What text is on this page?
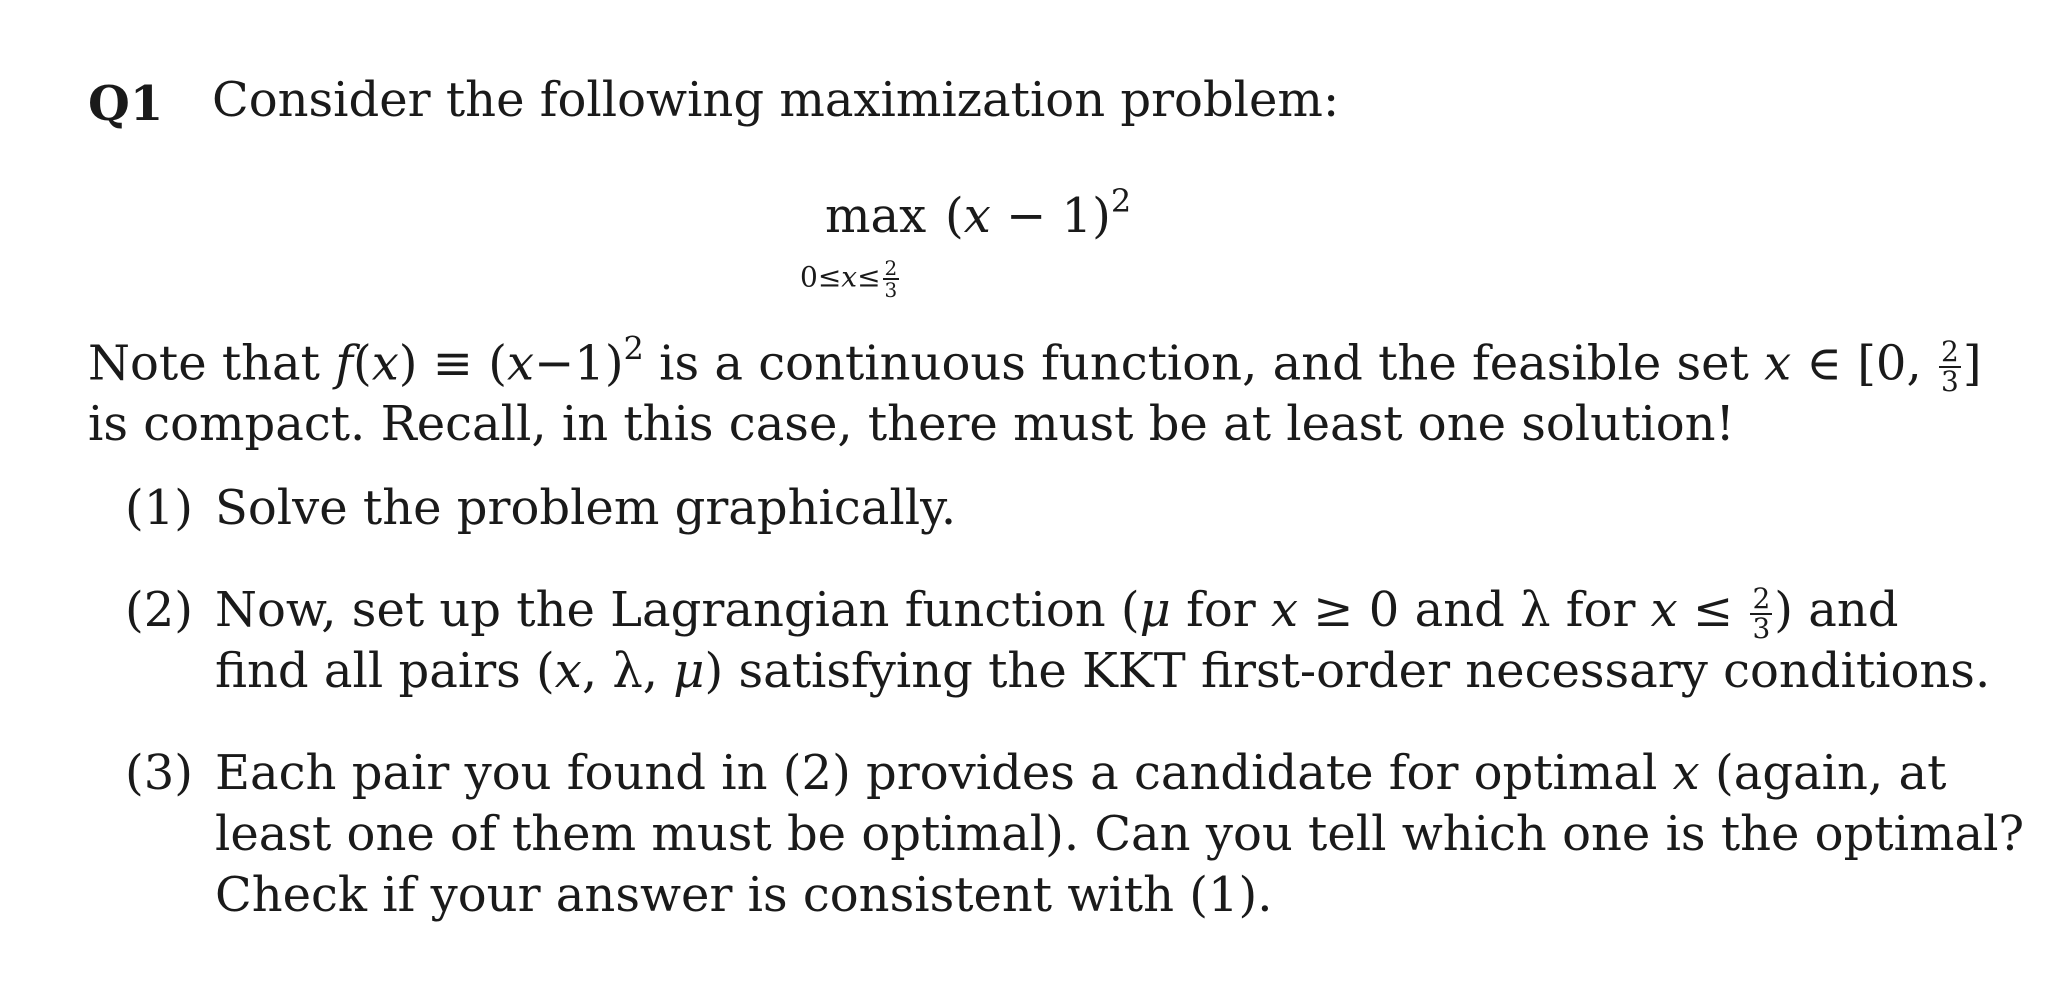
Q1 Consider the following maximization problem:
max
$0\le x\le \frac{2}{3}$
$(x - 1)^2$
Note that $f(x) \equiv (x-1)^2$ is a continuous function, and the feasible set x ∈ [0, $\frac{2}{3}$ ]
is compact. Recall, in this case, there must be at least one solution!
(1) Solve the problem graphically.
(2) Now, set up the Lagrangian function (μ for x ≥ 0 and λ for $x \le \frac{2}{3}$ ) and
find all pairs (x, λ, μ) satisfying the KKT first-order necessary conditions.
(3) Each pair you found in (2) provides a candidate for optimal x (again, at
least one of them must be optimal). Can you tell which one is the optimal?
Check if your answer is consistent with (1).
